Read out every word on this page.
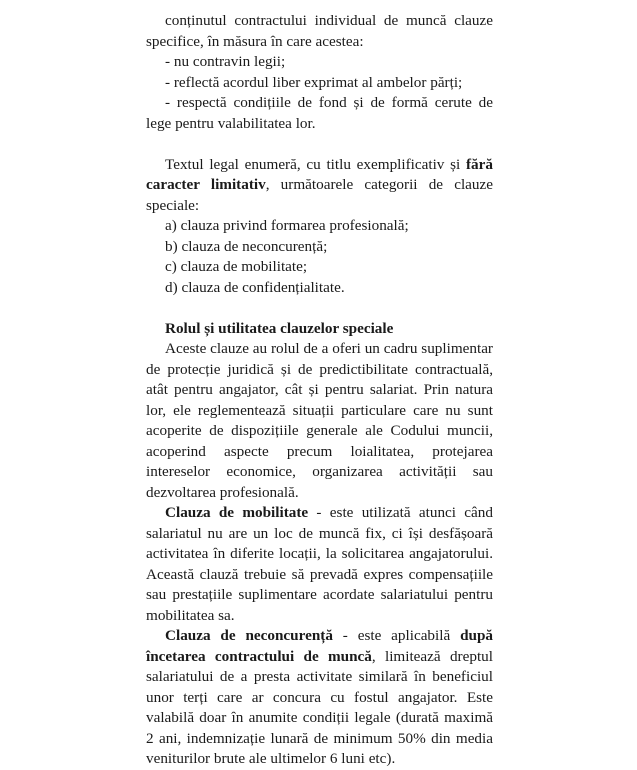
conținutul contractului individual de muncă clauze specifice, în măsura în care acestea:

- nu contravin legii;

- reflectă acordul liber exprimat al ambelor părți;

- respectă condițiile de fond și de formă cerute de lege pentru valabilitatea lor.

Textul legal enumeră, cu titlu exemplificativ și fără caracter limitativ, următoarele categorii de clauze speciale:

a) clauza privind formarea profesională;

b) clauza de neconcurență;

c) clauza de mobilitate;

d) clauza de confidențialitate.

Rolul și utilitatea clauzelor speciale

Aceste clauze au rolul de a oferi un cadru suplimentar de protecție juridică și de predictibilitate contractuală, atât pentru angajator, cât și pentru salariat. Prin natura lor, ele reglementează situații particulare care nu sunt acoperite de dispozițiile generale ale Codului muncii, acoperind aspecte precum loialitatea, protejarea intereselor economice, organizarea activității sau dezvoltarea profesională.

Clauza de mobilitate - este utilizată atunci când salariatul nu are un loc de muncă fix, ci își desfășoară activitatea în diferite locații, la solicitarea angajatorului. Această clauză trebuie să prevadă expres compensațiile sau prestațiile suplimentare acordate salariatului pentru mobilitatea sa.

Clauza de neconcurență - este aplicabilă după încetarea contractului de muncă, limitează dreptul salariatului de a presta activitate similară în beneficiul unor terți care ar concura cu fostul angajator. Este valabilă doar în anumite condiții legale (durată maximă 2 ani, indemnizație lunară de minimum 50% din media veniturilor brute ale ultimelor 6 luni etc).
